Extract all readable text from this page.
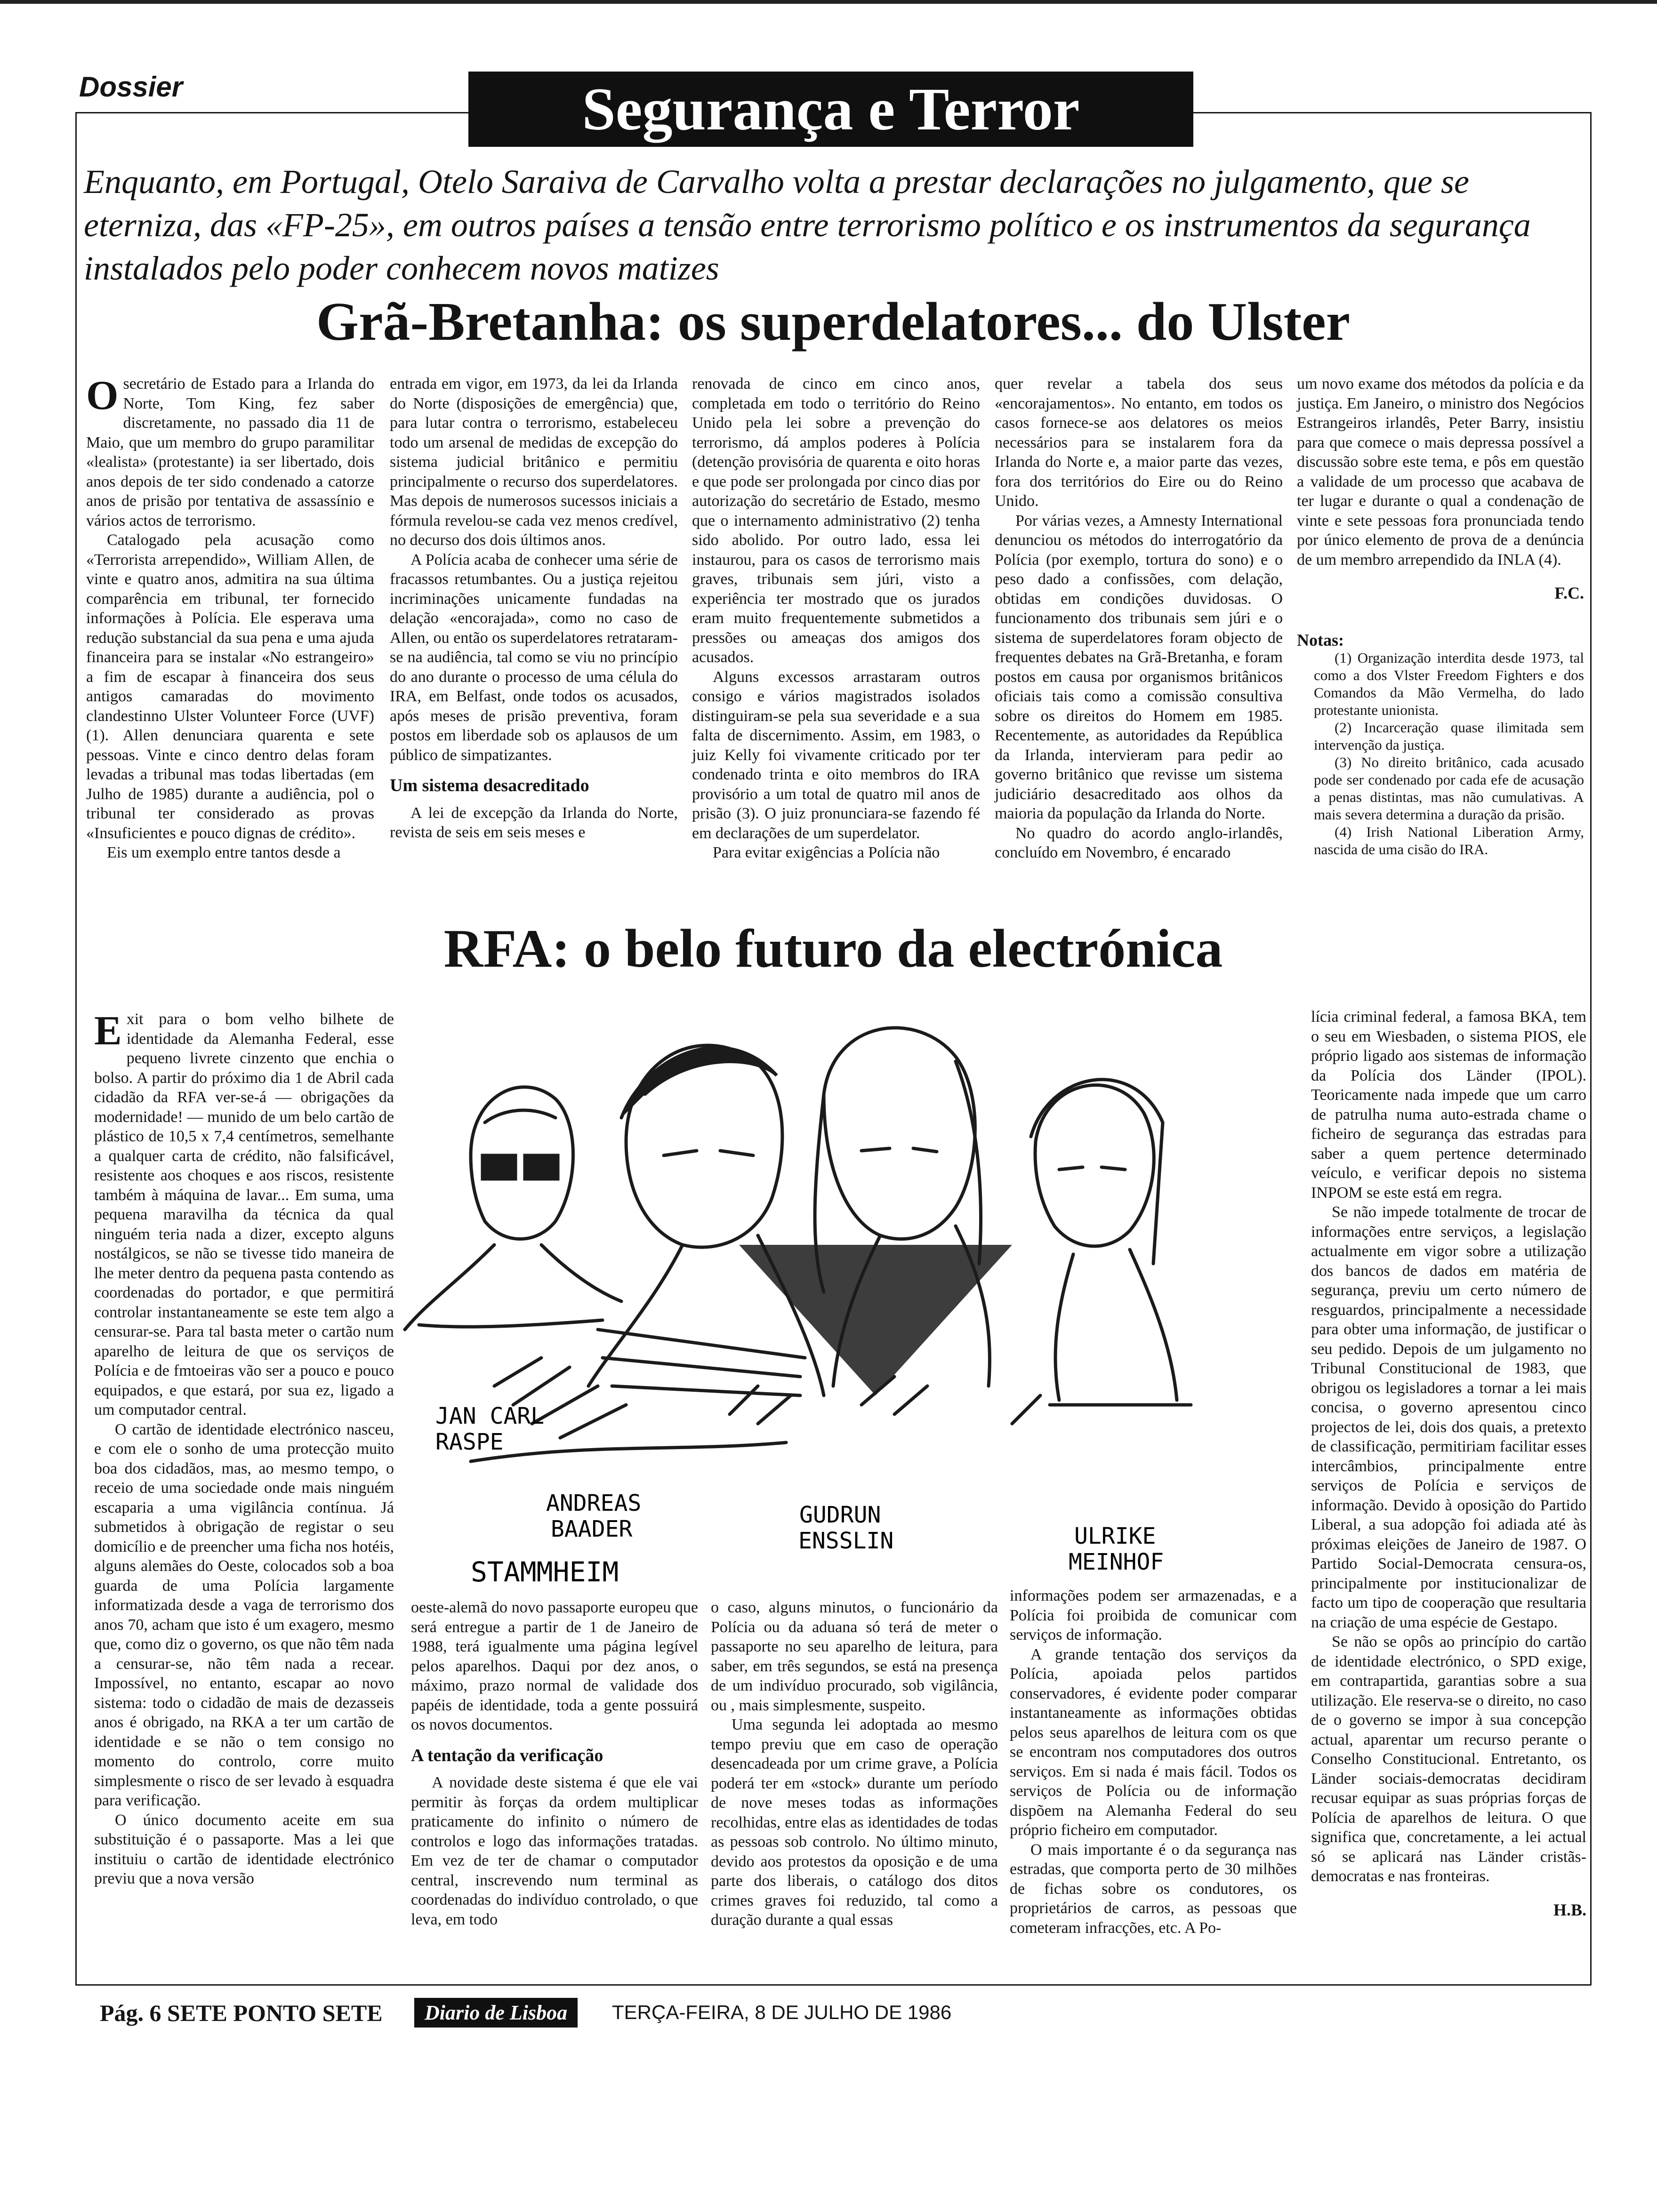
Dossier	Segurança e Terror
Enquanto, em Portugal, Otelo Saraiva de Carvalho volta a prestar declarações no julgamento, que se eterniza, das «FP-25», em outros países a tensão entre terrorismo político e os instrumentos da segurança instalados pelo poder conhecem novos matizes
Grã-Bretanha: os superdelatores... do Ulster
O secretário de Estado para a Irlanda do Norte, Tom King, fez saber discretamente, no passado dia 11 de Maio, que um membro do grupo paramilitar «lealista» (protestante) ia ser libertado, dois anos depois de ter sido condenado a catorze anos de prisão por tentativa de assassínio e vários actos de terrorismo.

Catalogado pela acusação como «Terrorista arrependido», William Allen, de vinte e quatro anos, admitira na sua última comparência em tribunal, ter fornecido informações à Polícia. Ele esperava uma redução substancial da sua pena e uma ajuda financeira para se instalar «No estrangeiro» a fim de escapar à financeira dos seus antigos camaradas do movimento clandestinno Ulster Volunteer Force (UVF) (1). Allen denunciara quarenta e sete pessoas. Vinte e cinco dentro delas foram levadas a tribunal mas todas libertadas (em Julho de 1985) durante a audiência, pol o tribunal ter considerado as provas «Insuficientes e pouco dignas de crédito».

Eis um exemplo entre tantos desde a

entrada em vigor, em 1973, da lei da Irlanda do Norte (disposições de emergência) que, para lutar contra o terrorismo, estabeleceu todo um arsenal de medidas de excepção do sistema judicial britânico e permitiu principalmente o recurso dos superdelatores. Mas depois de numerosos sucessos iniciais a fórmula revelou-se cada vez menos credível, no decurso dos dois últimos anos.

A Polícia acaba de conhecer uma série de fracassos retumbantes. Ou a justiça rejeitou incriminações unicamente fundadas na delação «encorajada», como no caso de Allen, ou então os superdelatores retrataram-se na audiência, tal como se viu no princípio do ano durante o processo de uma célula do IRA, em Belfast, onde todos os acusados, após meses de prisão preventiva, foram postos em liberdade sob os aplausos de um público de simpatizantes.

Um sistema desacreditado

A lei de excepção da Irlanda do Norte, revista de seis em seis meses e

renovada de cinco em cinco anos, completada em todo o território do Reino Unido pela lei sobre a prevenção do terrorismo, dá amplos poderes à Polícia (detenção provisória de quarenta e oito horas e que pode ser prolongada por cinco dias por autorização do secretário de Estado, mesmo que o internamento administrativo (2) tenha sido abolido. Por outro lado, essa lei instaurou, para os casos de terrorismo mais graves, tribunais sem júri, visto a experiência ter mostrado que os jurados eram muito frequentemente submetidos a pressões ou ameaças dos amigos dos acusados.

Alguns excessos arrastaram outros consigo e vários magistrados isolados distinguiram-se pela sua severidade e a sua falta de discernimento. Assim, em 1983, o juiz Kelly foi vivamente criticado por ter condenado trinta e oito membros do IRA provisório a um total de quatro mil anos de prisão (3). O juiz pronunciara-se fazendo fé em declarações de um superdelator.

Para evitar exigências a Polícia não

quer revelar a tabela dos seus «encorajamentos». No entanto, em todos os casos fornece-se aos delatores os meios necessários para se instalarem fora da Irlanda do Norte e, a maior parte das vezes, fora dos territórios do Eire ou do Reino Unido.

Por várias vezes, a Amnesty International denunciou os métodos do interrogatório da Polícia (por exemplo, tortura do sono) e o peso dado a confissões, com delação, obtidas em condições duvidosas. O funcionamento dos tribunais sem júri e o sistema de superdelatores foram objecto de frequentes debates na Grã-Bretanha, e foram postos em causa por organismos britânicos oficiais tais como a comissão consultiva sobre os direitos do Homem em 1985. Recentemente, as autoridades da República da Irlanda, intervieram para pedir ao governo britânico que revisse um sistema judiciário desacreditado aos olhos da maioria da população da Irlanda do Norte.

No quadro do acordo anglo-irlandês, concluído em Novembro, é encarado

um novo exame dos métodos da polícia e da justiça. Em Janeiro, o ministro dos Negócios Estrangeiros irlandês, Peter Barry, insistiu para que comece o mais depressa possível a discussão sobre este tema, e pôs em questão a validade de um processo que acabava de ter lugar e durante o qual a condenação de vinte e sete pessoas fora pronunciada tendo por único elemento de prova de a denúncia de um membro arrependido da INLA (4).

F.C.
Notas:

(1) Organização interdita desde 1973, tal como a dos Vlster Freedom Fighters e dos Comandos da Mão Vermelha, do lado protestante unionista.

(2) Incarceração quase ilimitada sem intervenção da justiça.

(3) No direito britânico, cada acusado pode ser condenado por cada efe de acusação a penas distintas, mas não cumulativas. A mais severa determina a duração da prisão.

(4) Irish National Liberation Army, nascida de uma cisão do IRA.

RFA: o belo futuro da electrónica
JAN CARL
RASPE
ANDREAS
BAADER
GUDRUN
ENSSLIN	ULRIKE
MEINHOF
STAMMHEIM
E xit para o bom velho bilhete de identidade da Alemanha Federal, esse pequeno livrete cinzento que enchia o bolso. A partir do próximo dia 1 de Abril cada cidadão da RFA ver-se-á — obrigações da modernidade! — munido de um belo cartão de plástico de 10,5 x 7,4 centímetros, semelhante a qualquer carta de crédito, não falsificável, resistente aos choques e aos riscos, resistente também à máquina de lavar... Em suma, uma pequena maravilha da técnica da qual ninguém teria nada a dizer, excepto alguns nostálgicos, se não se tivesse tido maneira de lhe meter dentro da pequena pasta contendo as coordenadas do portador, e que permitirá controlar instantaneamente se este tem algo a censurar-se. Para tal basta meter o cartão num aparelho de leitura de que os serviços de Polícia e de fmtoeiras vão ser a pouco e pouco equipados, e que estará, por sua ez, ligado a um computador central.

O cartão de identidade electrónico nasceu, e com ele o sonho de uma protecção muito boa dos cidadãos, mas, ao mesmo tempo, o receio de uma sociedade onde mais ninguém escaparia a uma vigilância contínua. Já submetidos à obrigação de registar o seu domicílio e de preencher uma ficha nos hotéis, alguns alemães do Oeste, colocados sob a boa guarda de uma Polícia largamente informatizada desde a vaga de terrorismo dos anos 70, acham que isto é um exagero, mesmo que, como diz o governo, os que não têm nada a censurar-se, não têm nada a recear. Impossível, no entanto, escapar ao novo sistema: todo o cidadão de mais de dezasseis anos é obrigado, na RKA a ter um cartão de identidade e se não o tem consigo no momento do controlo, corre muito simplesmente o risco de ser levado à esquadra para verificação.

O único documento aceite em sua substituição é o passaporte. Mas a lei que instituiu o cartão de identidade electrónico previu que a nova versão

oeste-alemã do novo passaporte europeu que será entregue a partir de 1 de Janeiro de 1988, terá igualmente uma página legível pelos aparelhos. Daqui por dez anos, o máximo, prazo normal de validade dos papéis de identidade, toda a gente possuirá os novos documentos.

A tentação da verificação

A novidade deste sistema é que ele vai permitir às forças da ordem multiplicar praticamente do infinito o número de controlos e logo das informações tratadas. Em vez de ter de chamar o computador central, inscrevendo num terminal as coordenadas do indivíduo controlado, o que leva, em todo

o caso, alguns minutos, o funcionário da Polícia ou da aduana só terá de meter o passaporte no seu aparelho de leitura, para saber, em três segundos, se está na presença de um indivíduo procurado, sob vigilância, ou , mais simplesmente, suspeito.

Uma segunda lei adoptada ao mesmo tempo previu que em caso de operação desencadeada por um crime grave, a Polícia poderá ter em «stock» durante um período de nove meses todas as informações recolhidas, entre elas as identidades de todas as pessoas sob controlo. No último minuto, devido aos protestos da oposição e de uma parte dos liberais, o catálogo dos ditos crimes graves foi reduzido, tal como a duração durante a qual essas

informações podem ser armazenadas, e a Polícia foi proibida de comunicar com serviços de informação.

A grande tentação dos serviços da Polícia, apoiada pelos partidos conservadores, é evidente poder comparar instantaneamente as informações obtidas pelos seus aparelhos de leitura com os que se encontram nos computadores dos outros serviços. Em si nada é mais fácil. Todos os serviços de Polícia ou de informação dispõem na Alemanha Federal do seu próprio ficheiro em computador.

O mais importante é o da segurança nas estradas, que comporta perto de 30 milhões de fichas sobre os condutores, os proprietários de carros, as pessoas que cometeram infracções, etc. A Po-

lícia criminal federal, a famosa BKA, tem o seu em Wiesbaden, o sistema PIOS, ele próprio ligado aos sistemas de informação da Polícia dos Länder (IPOL). Teoricamente nada impede que um carro de patrulha numa auto-estrada chame o ficheiro de segurança das estradas para saber a quem pertence determinado veículo, e verificar depois no sistema INPOM se este está em regra.

Se não impede totalmente de trocar de informações entre serviços, a legislação actualmente em vigor sobre a utilização dos bancos de dados em matéria de segurança, previu um certo número de resguardos, principalmente a necessidade para obter uma informação, de justificar o seu pedido. Depois de um julgamento no Tribunal Constitucional de 1983, que obrigou os legisladores a tornar a lei mais concisa, o governo apresentou cinco projectos de lei, dois dos quais, a pretexto de classificação, permitiriam facilitar esses intercâmbios, principalmente entre serviços de Polícia e serviços de informação. Devido à oposição do Partido Liberal, a sua adopção foi adiada até às próximas eleições de Janeiro de 1987. O Partido Social-Democrata censura-os, principalmente por institucionalizar de facto um tipo de cooperação que resultaria na criação de uma espécie de Gestapo.

Se não se opôs ao princípio do cartão de identidade electrónico, o SPD exige, em contrapartida, garantias sobre a sua utilização. Ele reserva-se o direito, no caso de o governo se impor à sua concepção actual, aparentar um recurso perante o Conselho Constitucional. Entretanto, os Länder sociais-democratas decidiram recusar equipar as suas próprias forças de Polícia de aparelhos de leitura. O que significa que, concretamente, a lei actual só se aplicará nas Länder cristãs-democratas e nas fronteiras.

H.B.
Pág. 6 SETE PONTO SETE	Diario de Lisboa	TERÇA-FEIRA, 8 DE JULHO DE 1986
